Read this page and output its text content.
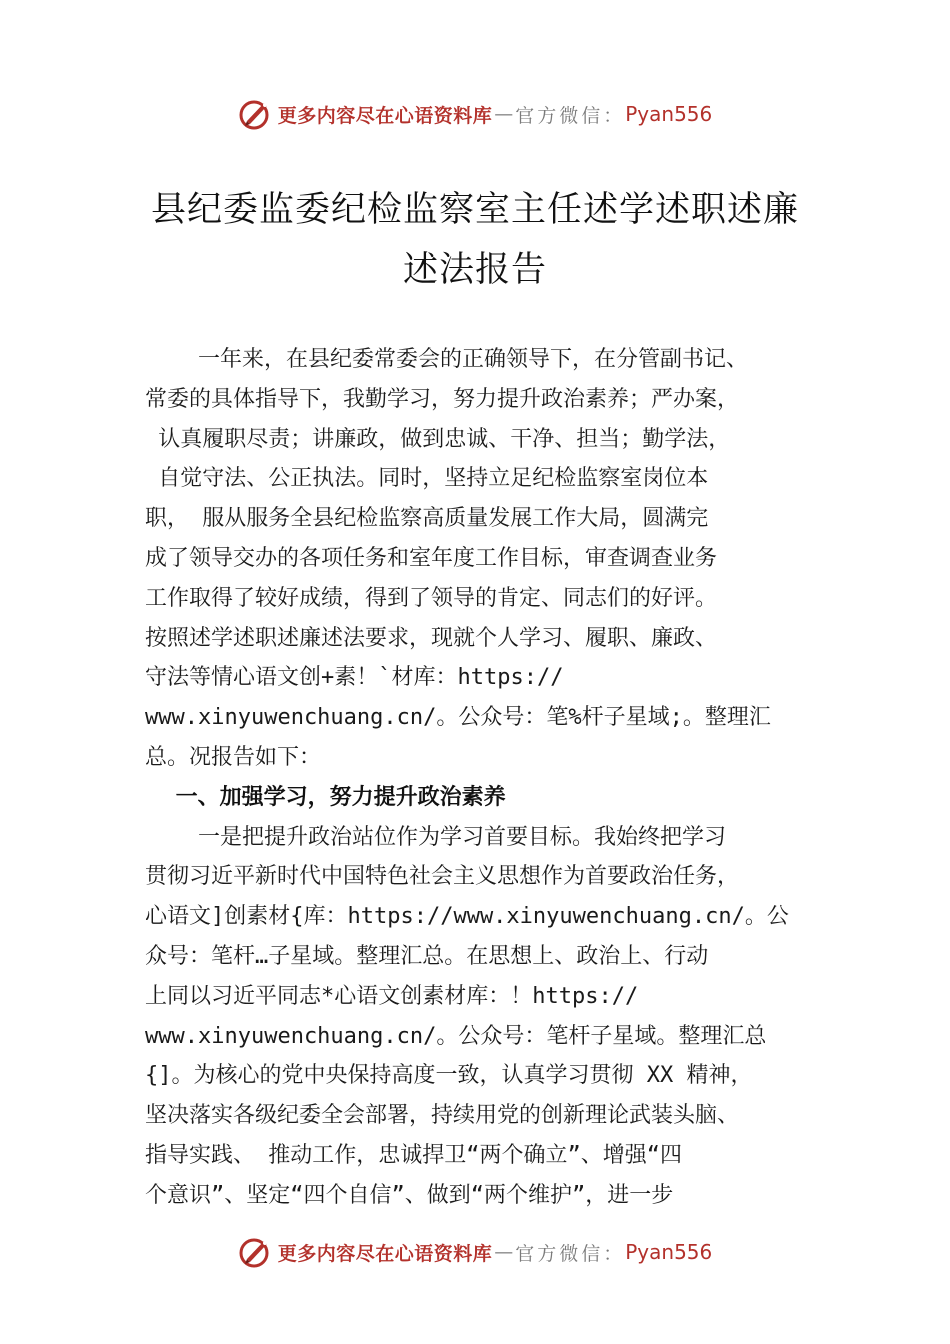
更多内容尽在心语资料库 — 官方微信： Pyan556
县纪委监委纪检监察室主任述学述职述廉
述法报告
一年来，在县纪委常委会的正确领导下，在分管副书记、
常委的具体指导下，我勤学习，努力提升政治素养；严办案，
认真履职尽责；讲廉政，做到忠诚、干净、担当；勤学法，
自觉守法、公正执法。同时，坚持立足纪检监察室岗位本
职， 服从服务全县纪检监察高质量发展工作大局，圆满完
成了领导交办的各项任务和室年度工作目标，审查调查业务
工作取得了较好成绩，得到了领导的肯定、同志们的好评。
按照述学述职述廉述法要求，现就个人学习、履职、廉政、
守法等情心语文创+素！`材库：https://
www.xinyuwenchuang.cn/。公众号：笔%杆子星域;。整理汇
总。况报告如下：
一、加强学习，努力提升政治素养
一是把提升政治站位作为学习首要目标。我始终把学习
贯彻习近平新时代中国特色社会主义思想作为首要政治任务，
心语文]创素材{库：https://www.xinyuwenchuang.cn/。公
众号：笔杆…子星域。整理汇总。在思想上、政治上、行动
上同以习近平同志*心语文创素材库：！https://
www.xinyuwenchuang.cn/。公众号：笔杆子星域。整理汇总
{]。为核心的党中央保持高度一致，认真学习贯彻 XX 精神，
坚决落实各级纪委全会部署，持续用党的创新理论武装头脑、
指导实践、 推动工作，忠诚捍卫“两个确立”、增强“四
个意识”、坚定“四个自信”、做到“两个维护”，进一步
更多内容尽在心语资料库 — 官方微信： Pyan556
